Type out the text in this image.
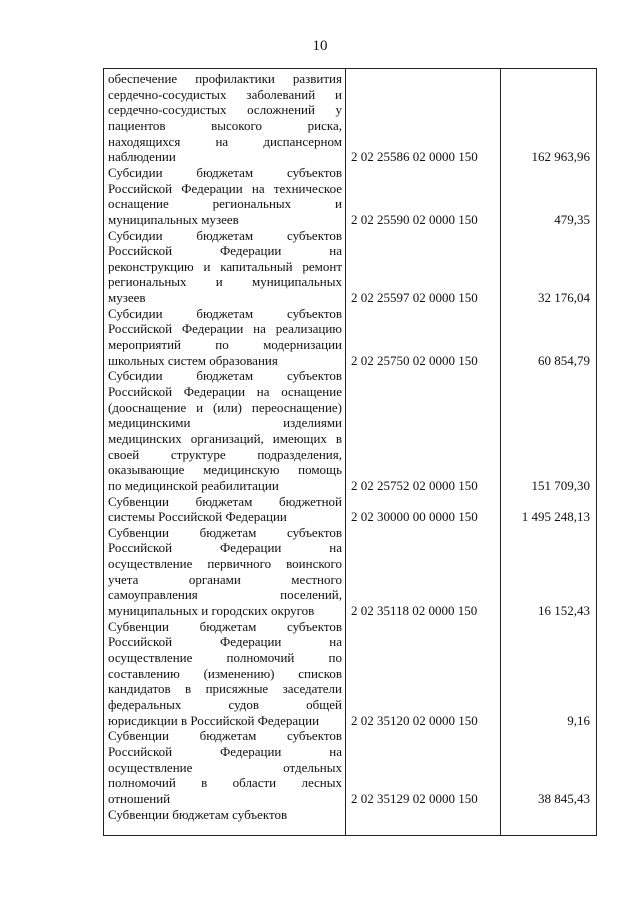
10
обеспечение профилактики развития
сердечно-сосудистых заболеваний и
сердечно-сосудистых осложнений у
пациентов высокого риска,
находящихся на диспансерном
наблюдении	2 02 25586 02 0000 150	162 963,96
Субсидии бюджетам субъектов
Российской Федерации на техническое
оснащение региональных и
муниципальных музеев	2 02 25590 02 0000 150	479,35
Субсидии бюджетам субъектов
Российской Федерации на
реконструкцию и капитальный ремонт
региональных и муниципальных
музеев	2 02 25597 02 0000 150	32 176,04
Субсидии бюджетам субъектов
Российской Федерации на реализацию
мероприятий по модернизации
школьных систем образования	2 02 25750 02 0000 150	60 854,79
Субсидии бюджетам субъектов
Российской Федерации на оснащение
(дооснащение и (или) переоснащение)
медицинскими изделиями
медицинских организаций, имеющих в
своей структуре подразделения,
оказывающие медицинскую помощь
по медицинской реабилитации	2 02 25752 02 0000 150	151 709,30
Субвенции бюджетам бюджетной
системы Российской Федерации	2 02 30000 00 0000 150	1 495 248,13
Субвенции бюджетам субъектов
Российской Федерации на
осуществление первичного воинского
учета органами местного
самоуправления поселений,
муниципальных и городских округов	2 02 35118 02 0000 150	16 152,43
Субвенции бюджетам субъектов
Российской Федерации на
осуществление полномочий по
составлению (изменению) списков
кандидатов в присяжные заседатели
федеральных судов общей
юрисдикции в Российской Федерации	2 02 35120 02 0000 150	9,16
Субвенции бюджетам субъектов
Российской Федерации на
осуществление отдельных
полномочий в области лесных
отношений	2 02 35129 02 0000 150	38 845,43
Субвенции бюджетам субъектов
